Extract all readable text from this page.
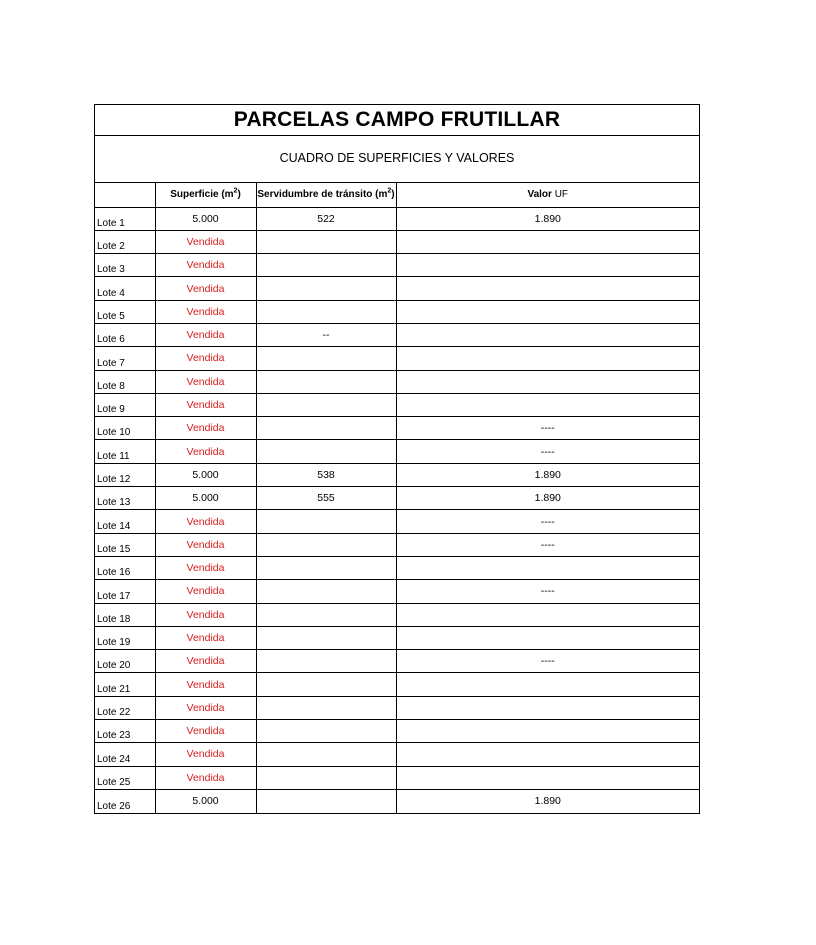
PARCELAS CAMPO FRUTILLAR
CUADRO DE SUPERFICIES Y VALORES
	Superficie $(m^2)$	Servidumbre de tránsito $(m^2)$	Valor UF
Lote 1	5.000	522	1.890
Lote 2	Vendida		
Lote 3	Vendida		
Lote 4	Vendida		
Lote 5	Vendida		
Lote 6	Vendida	--	
Lote 7	Vendida		
Lote 8	Vendida		
Lote 9	Vendida		
Lote 10	Vendida		----
Lote 11	Vendida		----
Lote 12	5.000	538	1.890
Lote 13	5.000	555	1.890
Lote 14	Vendida		----
Lote 15	Vendida		----
Lote 16	Vendida		
Lote 17	Vendida		----
Lote 18	Vendida		
Lote 19	Vendida		
Lote 20	Vendida		----
Lote 21	Vendida		
Lote 22	Vendida		
Lote 23	Vendida		
Lote 24	Vendida		
Lote 25	Vendida		
Lote 26	5.000		1.890
